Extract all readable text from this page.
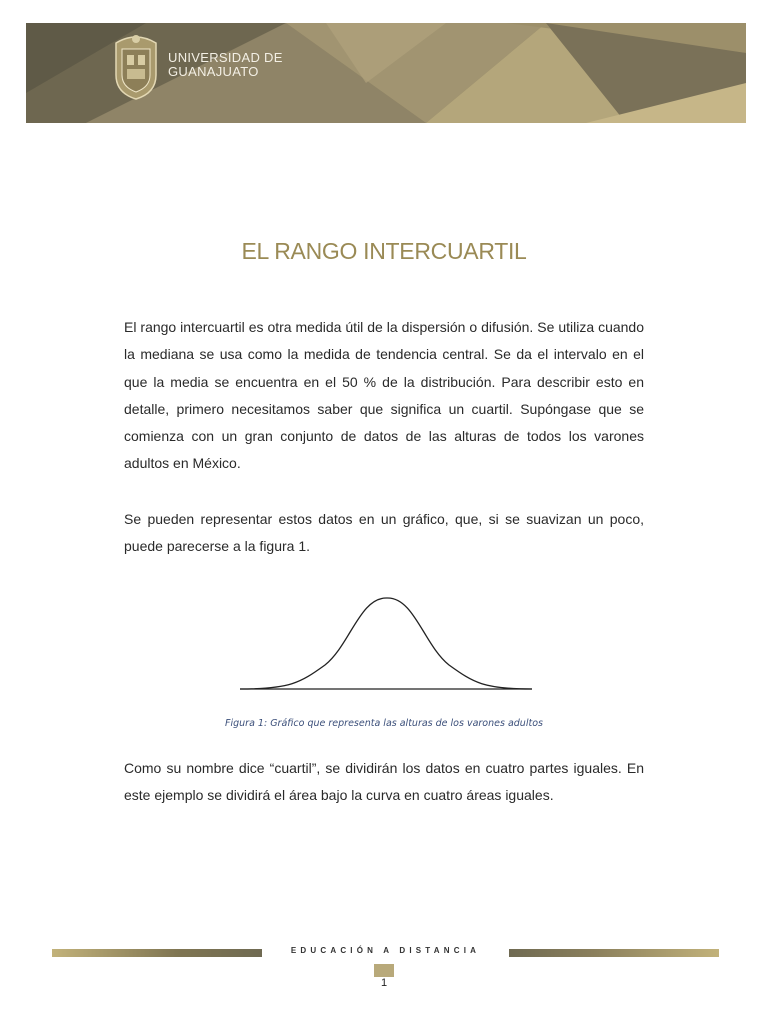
UNIVERSIDAD DE
GUANAJUATO
EL RANGO INTERCUARTIL
El rango intercuartil es otra medida útil de la dispersión o difusión. Se utiliza cuando la mediana se usa como la medida de tendencia central. Se da el intervalo en el que la media se encuentra en el 50 % de la distribución. Para describir esto en detalle, primero necesitamos saber que significa un cuartil. Supóngase que se comienza con un gran conjunto de datos de las alturas de todos los varones adultos en México.
Se pueden representar estos datos en un gráfico, que, si se suavizan un poco, puede parecerse a la figura 1.
Figura 1: Gráfico que representa las alturas de los varones adultos
Como su nombre dice “cuartil”, se dividirán los datos en cuatro partes iguales. En este ejemplo se dividirá el área bajo la curva en cuatro áreas iguales.
EDUCACIÓN A DISTANCIA
1
